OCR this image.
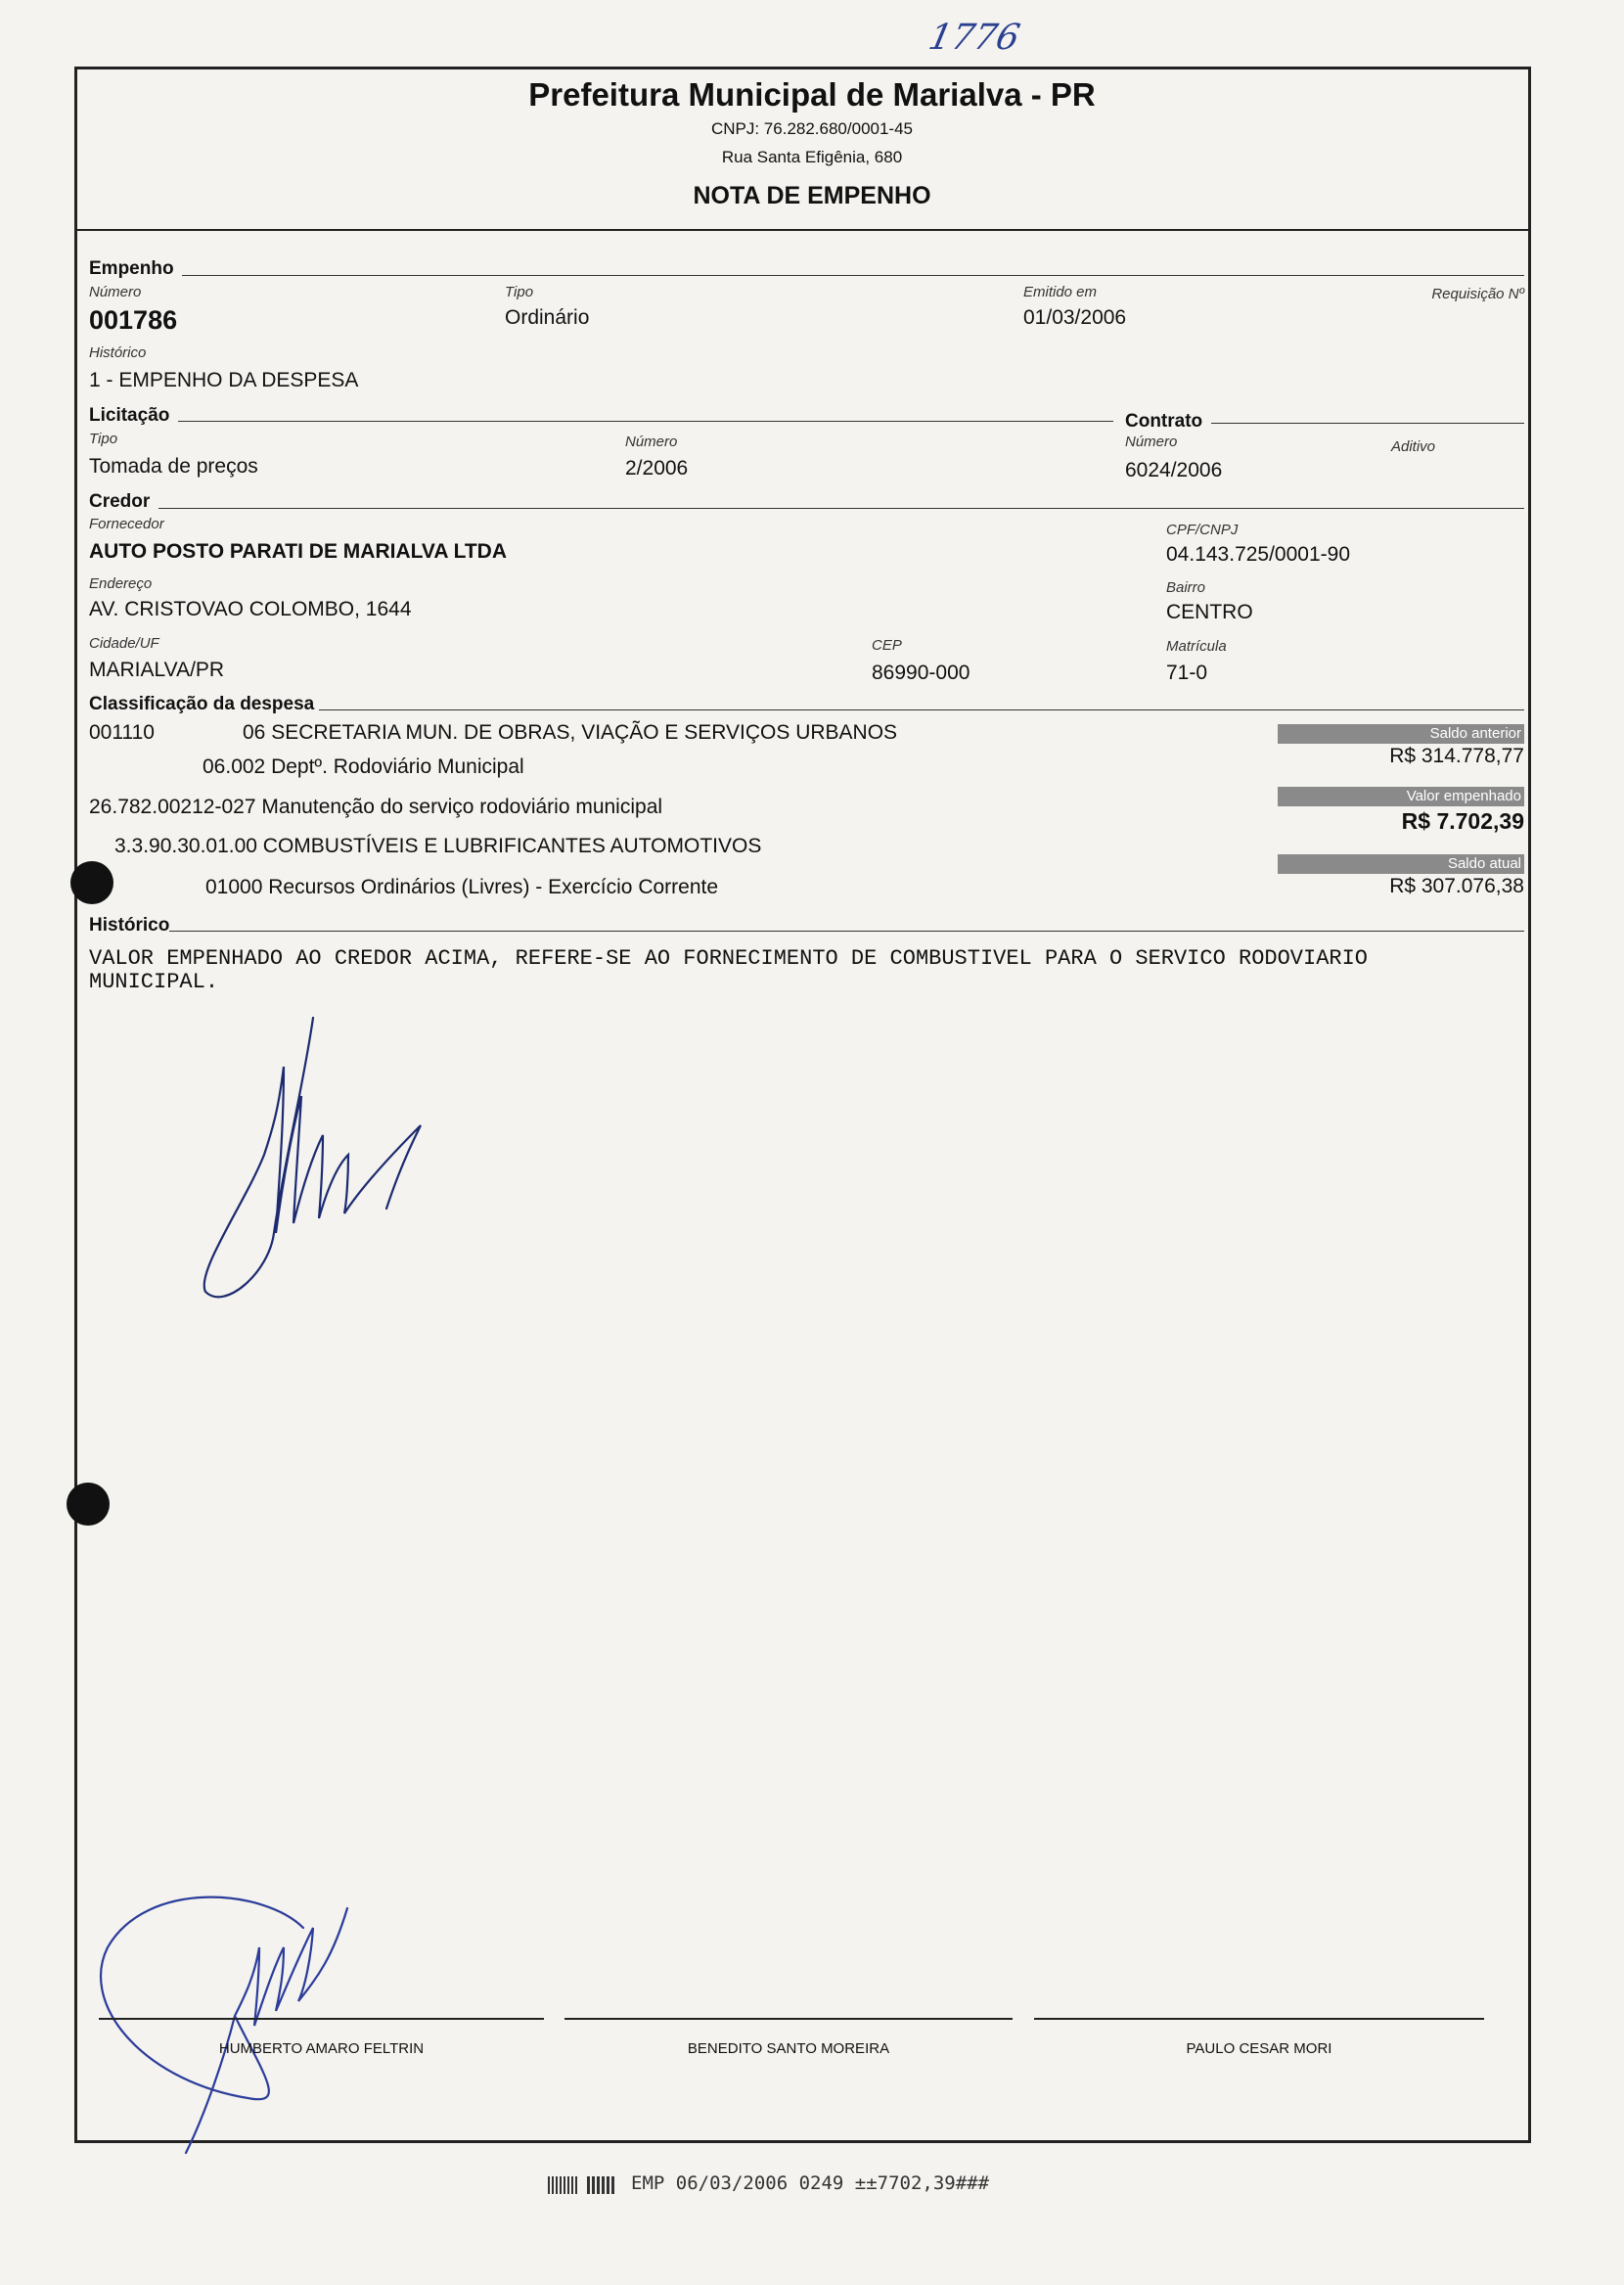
1776
Prefeitura Municipal de Marialva - PR
CNPJ: 76.282.680/0001-45
Rua Santa Efigênia, 680
NOTA DE EMPENHO
Empenho
Número
001786
Tipo
Ordinário
Emitido em
01/03/2006
Requisição Nº
Histórico
1 - EMPENHO DA DESPESA
Licitação	Contrato
Tipo
Tomada de preços
Número
2/2006
Número
6024/2006
Aditivo
Credor
Fornecedor
AUTO POSTO PARATI DE MARIALVA LTDA
CPF/CNPJ
04.143.725/0001-90
Endereço
AV. CRISTOVAO COLOMBO, 1644
Bairro
CENTRO
Cidade/UF
MARIALVA/PR
CEP
86990-000
Matrícula
71-0
Classificação da despesa
001110	06 SECRETARIA MUN. DE OBRAS, VIAÇÃO E SERVIÇOS URBANOS
06.002 Deptº. Rodoviário Municipal
26.782.00212-027 Manutenção do serviço rodoviário municipal
3.3.90.30.01.00 COMBUSTÍVEIS E LUBRIFICANTES AUTOMOTIVOS
01000 Recursos Ordinários (Livres) - Exercício Corrente
Saldo anterior
R$ 314.778,77
Valor empenhado
R$ 7.702,39
Saldo atual
R$ 307.076,38
Histórico
VALOR EMPENHADO AO CREDOR ACIMA, REFERE-SE AO FORNECIMENTO DE COMBUSTIVEL PARA O SERVICO RODOVIARIO
MUNICIPAL.
HUMBERTO AMARO FELTRIN	BENEDITO SANTO MOREIRA	PAULO CESAR MORI
EMP 06/03/2006 0249 ±±7702,39###
